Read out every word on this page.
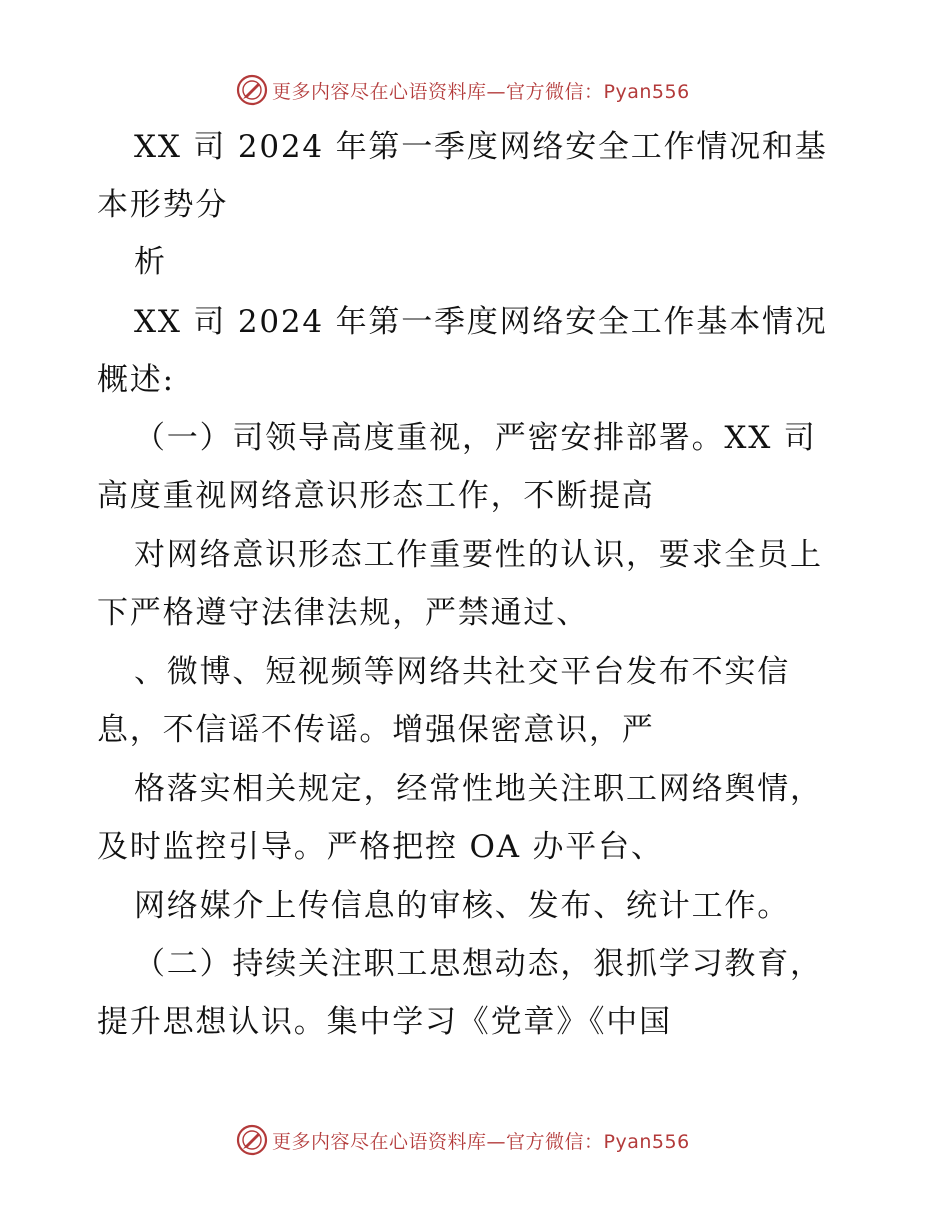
更多内容尽在心语资料库—官方微信：Pyan556
XX 司 2024 年第一季度网络安全工作情况和基
本形势分
析
XX 司 2024 年第一季度网络安全工作基本情况
概述:
（一）司领导高度重视，严密安排部署。XX 司
高度重视网络意识形态工作，不断提高
对网络意识形态工作重要性的认识，要求全员上
下严格遵守法律法规，严禁通过、
、微博、短视频等网络共社交平台发布不实信
息，不信谣不传谣。增强保密意识，严
格落实相关规定，经常性地关注职工网络舆情，
及时监控引导。严格把控 OA 办平台、
网络媒介上传信息的审核、发布、统计工作。
（二）持续关注职工思想动态，狠抓学习教育，
提升思想认识。集中学习《党章》《中国
更多内容尽在心语资料库—官方微信：Pyan556
